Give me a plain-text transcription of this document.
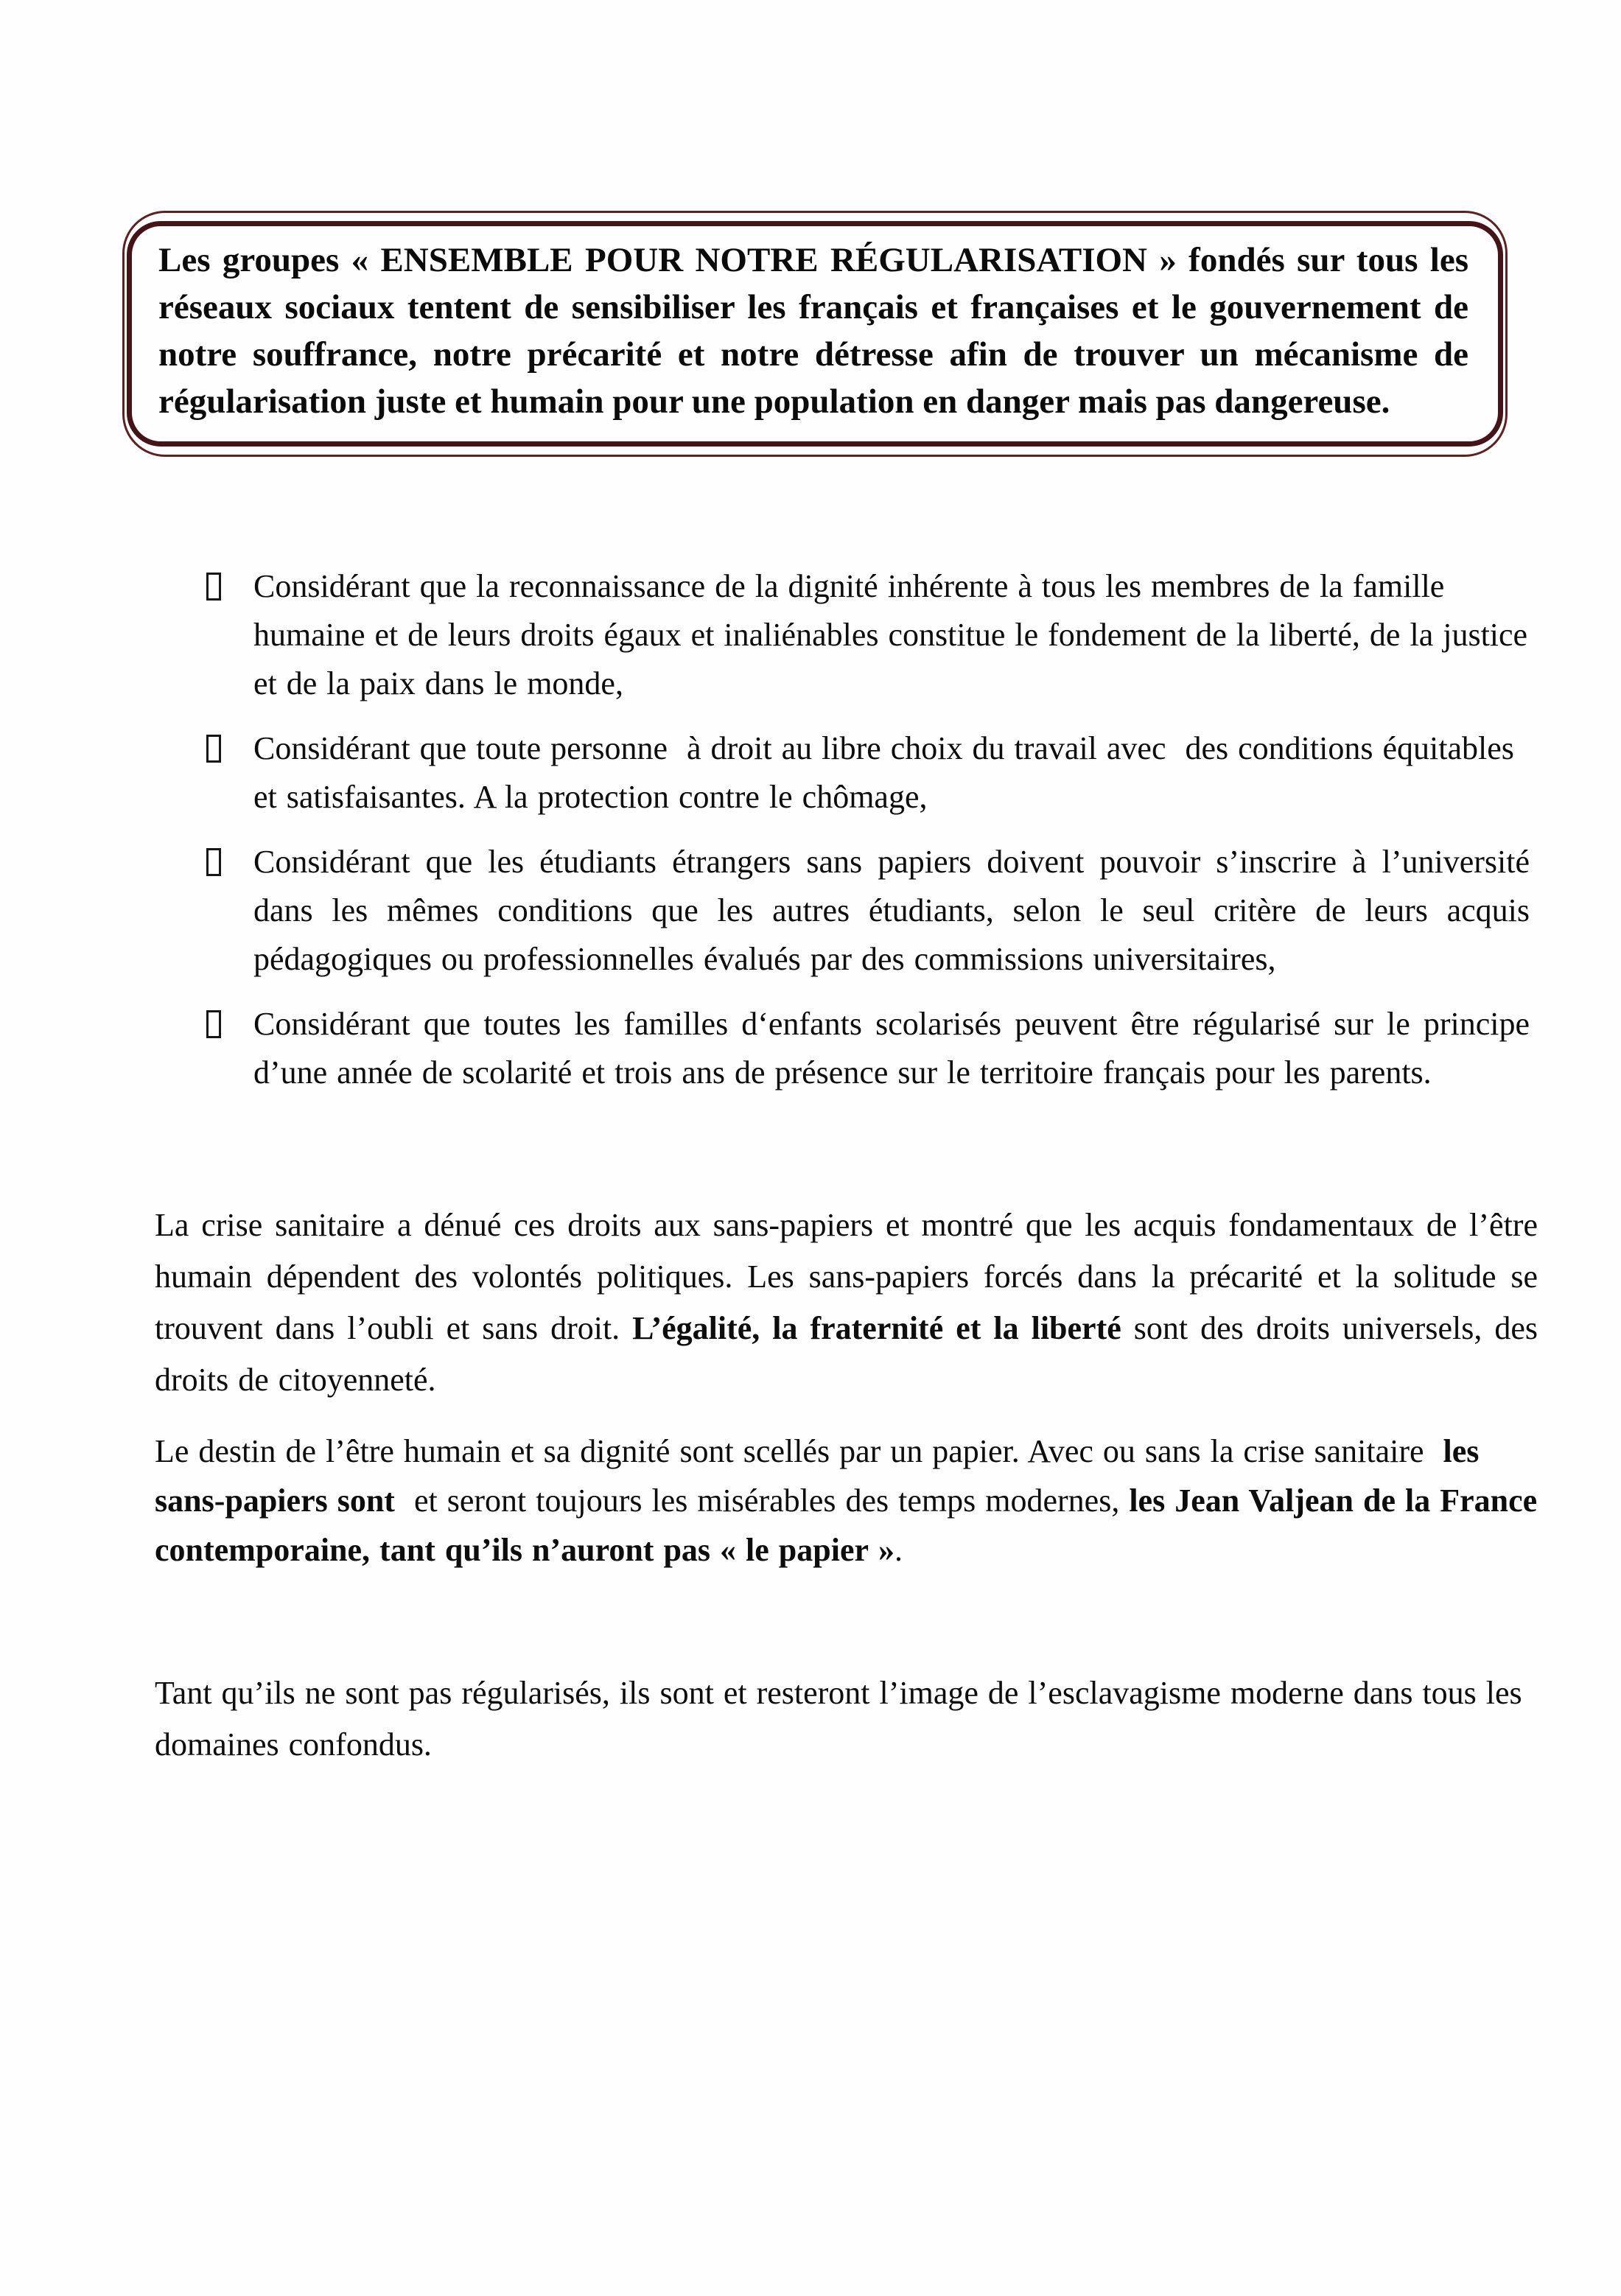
Les groupes « ENSEMBLE POUR NOTRE RÉGULARISATION » fondés sur tous les réseaux sociaux tentent de sensibiliser les français et françaises et le gouvernement de notre souffrance, notre précarité et notre détresse afin de trouver un mécanisme de régularisation juste et humain pour une population en danger mais pas dangereuse.

Considérant que la reconnaissance de la dignité inhérente à tous les membres de la famille humaine et de leurs droits égaux et inaliénables constitue le fondement de la liberté, de la justice et de la paix dans le monde,

Considérant que toute personne  à droit au libre choix du travail avec  des conditions équitables et satisfaisantes. A la protection contre le chômage,

Considérant que les étudiants étrangers sans papiers doivent pouvoir s’inscrire à l’université dans les mêmes conditions que les autres étudiants, selon le seul critère de leurs acquis pédagogiques ou professionnelles évalués par des commissions universitaires,

Considérant que toutes les familles d‘enfants scolarisés peuvent être régularisé sur le principe d’une année de scolarité et trois ans de présence sur le territoire français pour les parents.

La crise sanitaire a dénué ces droits aux sans-papiers et montré que les acquis fondamentaux de l’être humain dépendent des volontés politiques. Les sans-papiers forcés dans la précarité et la solitude se trouvent dans l’oubli et sans droit. L’égalité, la fraternité et la liberté sont des droits universels, des droits de citoyenneté.

Le destin de l’être humain et sa dignité sont scellés par un papier. Avec ou sans la crise sanitaire  les sans-papiers sont  et seront toujours les misérables des temps modernes, les Jean Valjean de la France contemporaine, tant qu’ils n’auront pas « le papier ».

Tant qu’ils ne sont pas régularisés, ils sont et resteront l’image de l’esclavagisme moderne dans tous les domaines confondus.
